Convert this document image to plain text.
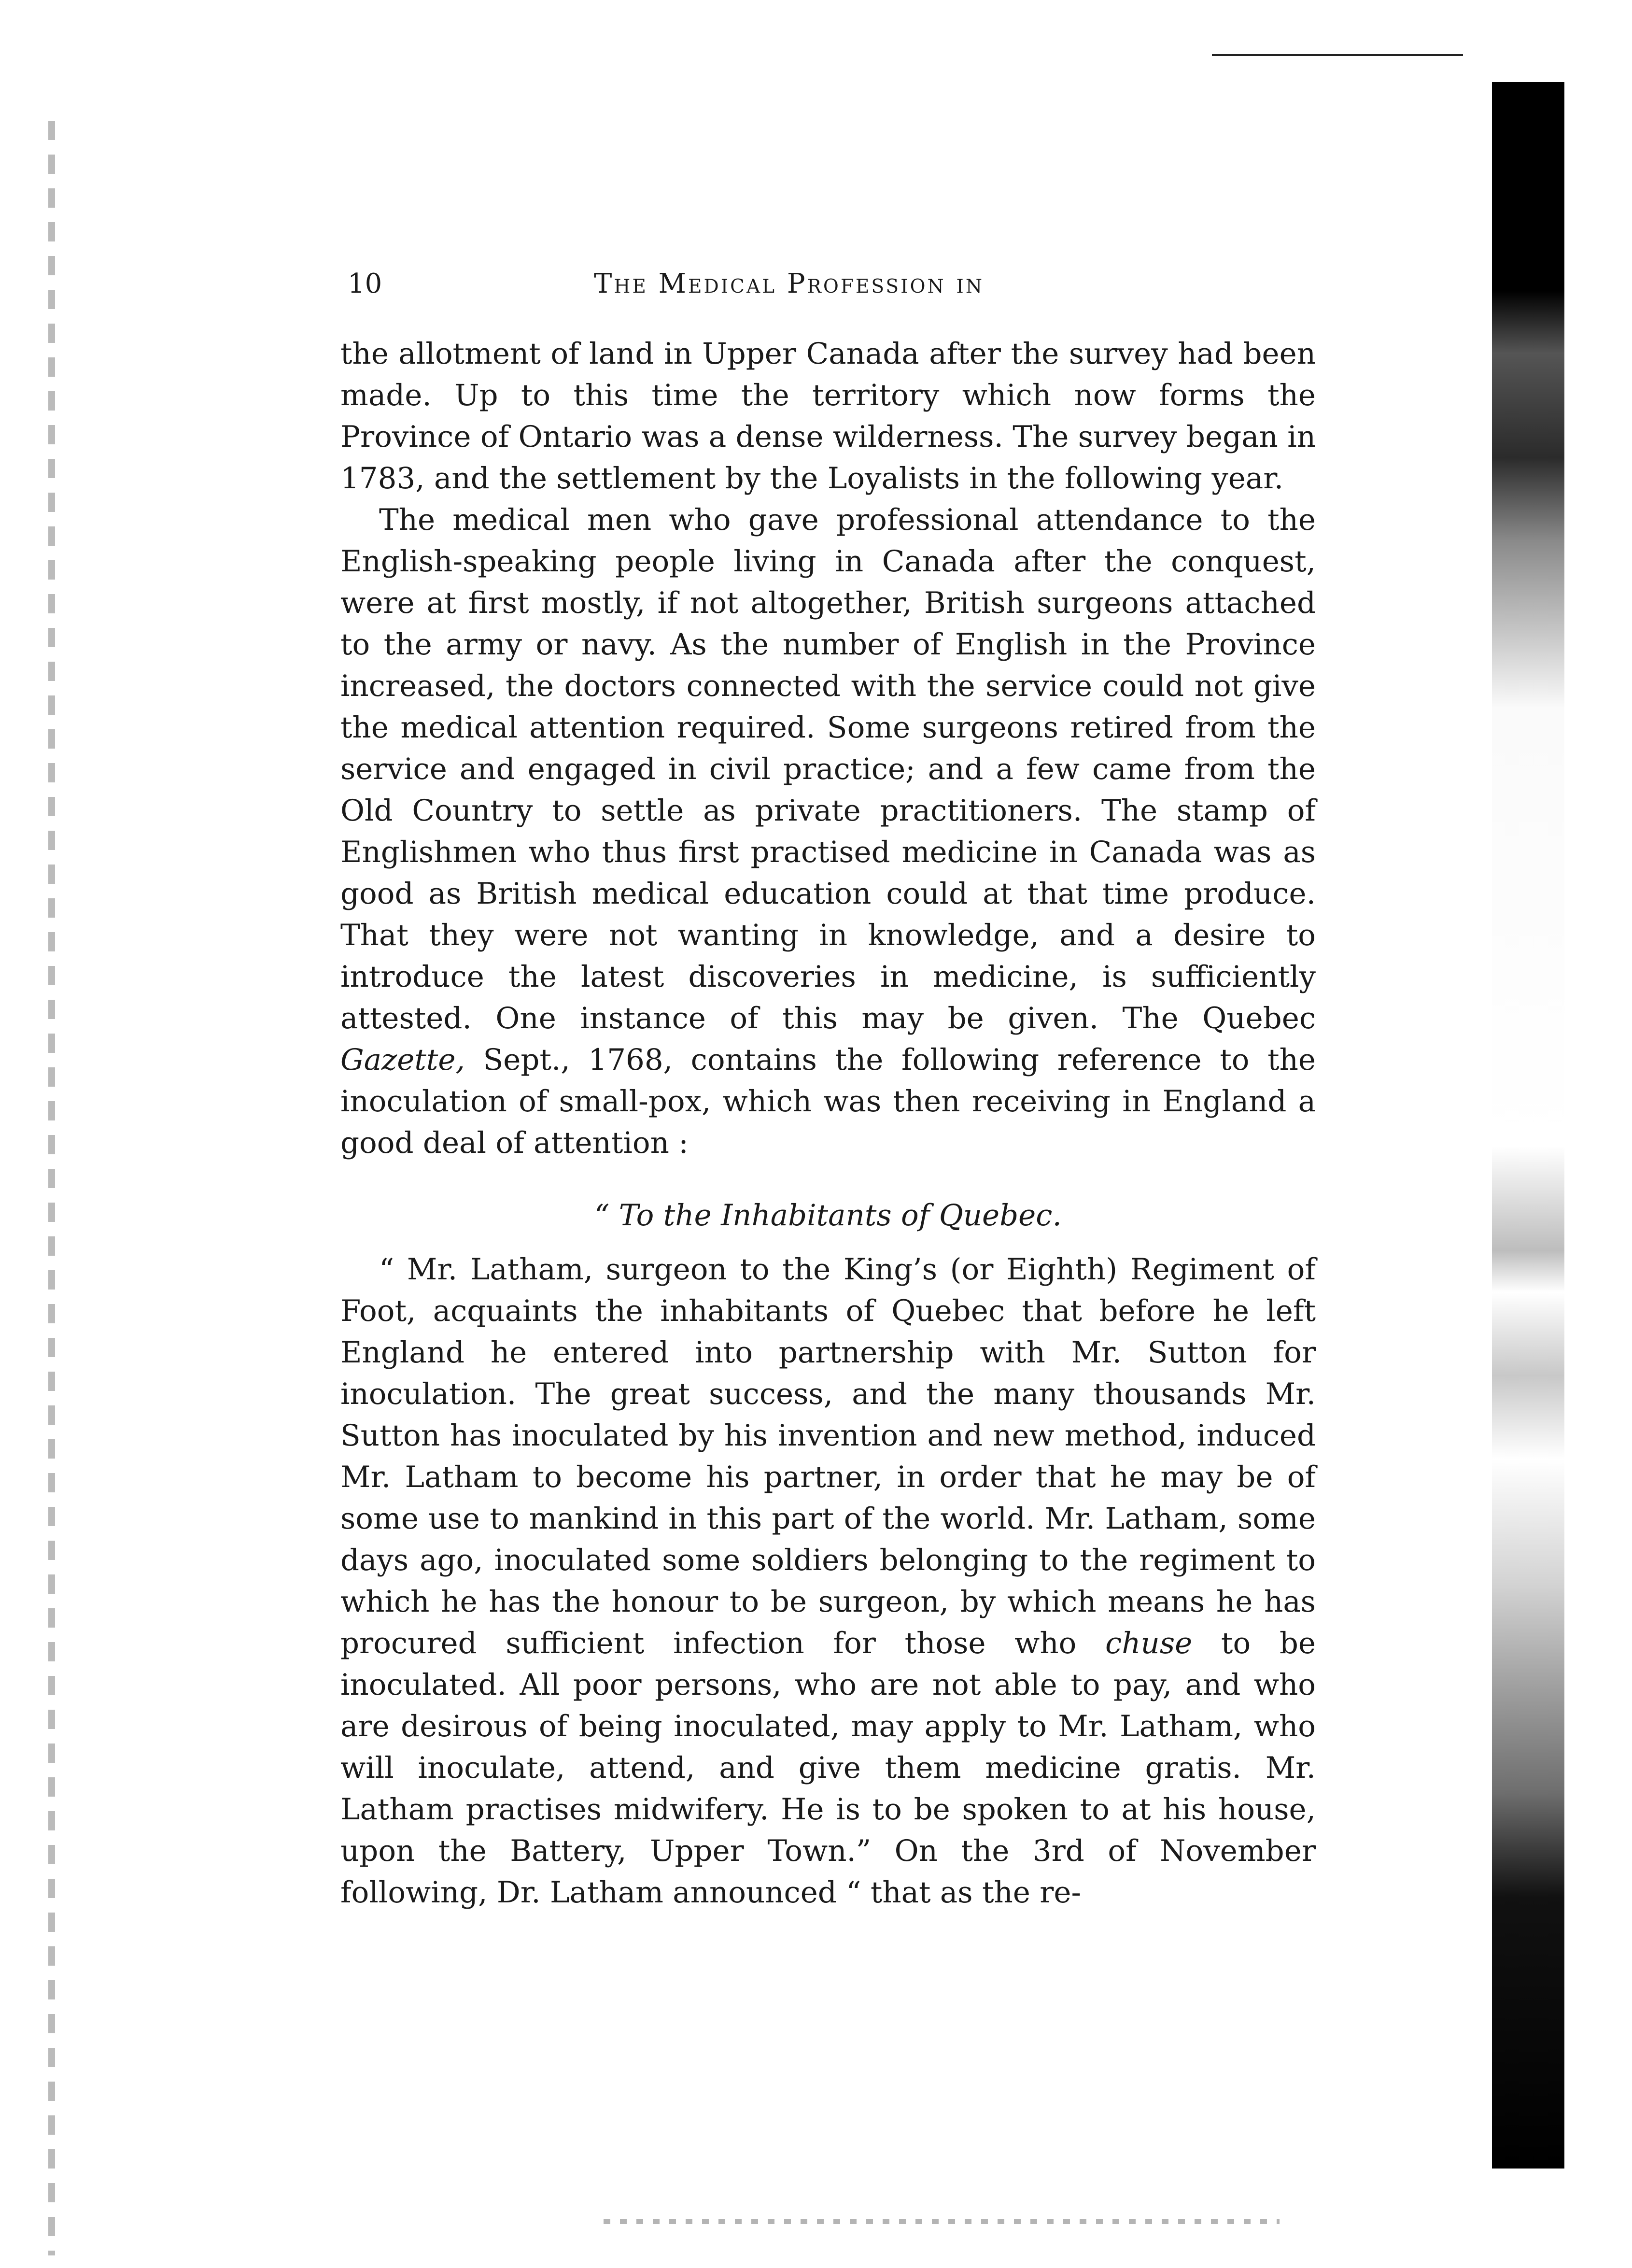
10	The Medical Profession in

the allotment of land in Upper Canada after the survey had been made. Up to this time the territory which now forms the Province of Ontario was a dense wilderness. The survey began in 1783, and the settlement by the Loyalists in the following year.

The medical men who gave professional attendance to the English-speaking people living in Canada after the conquest, were at first mostly, if not altogether, British surgeons attached to the army or navy. As the number of English in the Province increased, the doctors connected with the service could not give the medical attention required. Some surgeons retired from the service and engaged in civil practice; and a few came from the Old Country to settle as private practitioners. The stamp of Englishmen who thus first practised medicine in Canada was as good as British medical education could at that time produce. That they were not wanting in knowledge, and a desire to introduce the latest discoveries in medicine, is sufficiently attested. One instance of this may be given. The Quebec Gazette, Sept., 1768, contains the following reference to the inoculation of small-pox, which was then receiving in England a good deal of attention :

“ To the Inhabitants of Quebec.

“ Mr. Latham, surgeon to the King’s (or Eighth) Regiment of Foot, acquaints the inhabitants of Quebec that before he left England he entered into partnership with Mr. Sutton for inoculation. The great success, and the many thousands Mr. Sutton has inoculated by his invention and new method, induced Mr. Latham to become his partner, in order that he may be of some use to mankind in this part of the world. Mr. Latham, some days ago, inoculated some soldiers belonging to the regiment to which he has the honour to be surgeon, by which means he has procured sufficient infection for those who chuse to be inoculated. All poor persons, who are not able to pay, and who are desirous of being inoculated, may apply to Mr. Latham, who will inoculate, attend, and give them medicine gratis. Mr. Latham practises midwifery. He is to be spoken to at his house, upon the Battery, Upper Town.” On the 3rd of November following, Dr. Latham announced “ that as the re-
